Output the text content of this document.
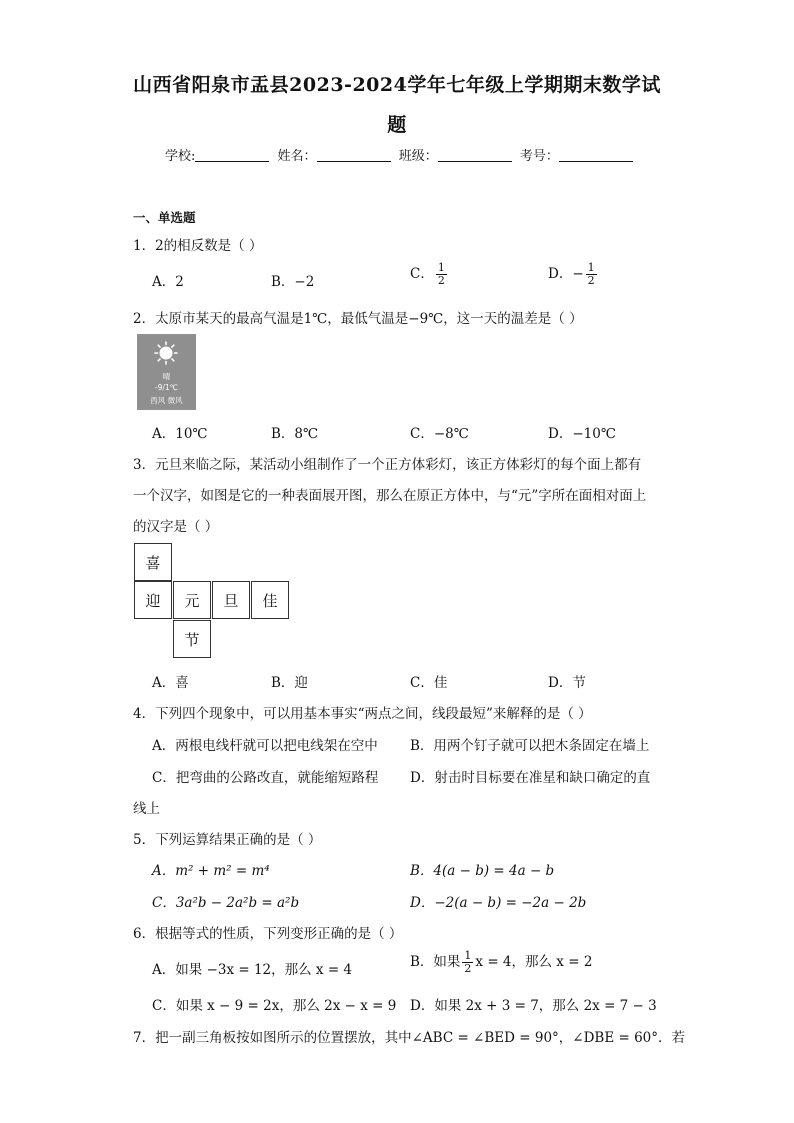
山西省阳泉市盂县2023-2024学年七年级上学期期末数学试
题
学校:	姓名：	班级：	考号：
一、单选题
1．2的相反数是（ ）
A．2	B．−2	C． $\frac{1}{2}$	D．− $\frac{1}{2}$
2．太原市某天的最高气温是1℃，最低气温是−9℃，这一天的温差是（ ）
晴
-9/1℃
西风 微风
A．10℃	B．8℃	C．−8℃	D．−10℃
3．元旦来临之际，某活动小组制作了一个正方体彩灯，该正方体彩灯的每个面上都有
一个汉字，如图是它的一种表面展开图，那么在原正方体中，与“元”字所在面相对面上
的汉字是（ ）
喜
迎	元	旦	佳
节
A．喜	B．迎	C．佳	D．节
4．下列四个现象中，可以用基本事实“两点之间，线段最短”来解释的是（ ）
A．两根电线杆就可以把电线架在空中 B．用两个钉子就可以把木条固定在墙上
C．把弯曲的公路改直，就能缩短路程 D．射击时目标要在准星和缺口确定的直
线上
5．下列运算结果正确的是（ ）
A．m² + m² = m⁴	B．4(a − b) = 4a − b
C．3a²b − 2a²b = a²b	D．−2(a − b) = −2a − 2b
6．根据等式的性质，下列变形正确的是（ ）
A．如果 −3x = 12，那么 x = 4	B．如果 $\frac{1}{2}$ x = 4，那么 x = 2
C．如果 x − 9 = 2x，那么 2x − x = 9 D．如果 2x + 3 = 7，那么 2x = 7 − 3
7．把一副三角板按如图所示的位置摆放，其中∠ABC = ∠BED = 90°，∠DBE = 60°．若
